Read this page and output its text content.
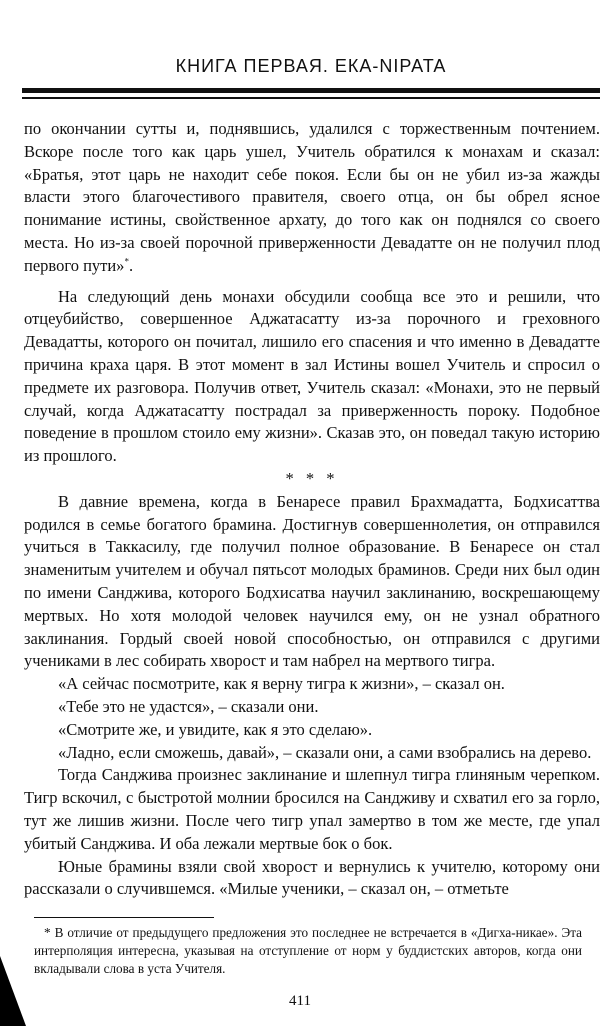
КНИГА ПЕРВАЯ. ЕКА-NIPATA

по окончании сутты и, поднявшись, удалился с торжественным почтением. Вскоре после того как царь ушел, Учитель обратился к монахам и сказал: «Братья, этот царь не находит себе покоя. Если бы он не убил из-за жажды власти этого благочестивого правителя, своего отца, он бы обрел ясное понимание истины, свойственное архату, до того как он поднялся со своего места. Но из-за своей порочной приверженности Девадатте он не получил плод первого пути»*.

На следующий день монахи обсудили сообща все это и решили, что отцеубийство, совершенное Аджатасатту из-за порочного и греховного Девадатты, которого он почитал, лишило его спасения и что именно в Девадатте причина краха царя. В этот момент в зал Истины вошел Учитель и спросил о предмете их разговора. Получив ответ, Учитель сказал: «Монахи, это не первый случай, когда Аджатасатту пострадал за приверженность пороку. Подобное поведение в прошлом стоило ему жизни». Сказав это, он поведал такую историю из прошлого.

* * *

В давние времена, когда в Бенаресе правил Брахмадатта, Бодхисаттва родился в семье богатого брамина. Достигнув совершеннолетия, он отправился учиться в Таккасилу, где получил полное образование. В Бенаресе он стал знаменитым учителем и обучал пятьсот молодых браминов. Среди них был один по имени Санджива, которого Бодхисатва научил заклинанию, воскрешающему мертвых. Но хотя молодой человек научился ему, он не узнал обратного заклинания. Гордый своей новой способностью, он отправился с другими учениками в лес собирать хворост и там набрел на мертвого тигра.

«А сейчас посмотрите, как я верну тигра к жизни», – сказал он.

«Тебе это не удастся», – сказали они.

«Смотрите же, и увидите, как я это сделаю».

«Ладно, если сможешь, давай», – сказали они, а сами взобрались на дерево.

Тогда Санджива произнес заклинание и шлепнул тигра глиняным черепком. Тигр вскочил, с быстротой молнии бросился на Сандживу и схватил его за горло, тут же лишив жизни. После чего тигр упал замертво в том же месте, где упал убитый Санджива. И оба лежали мертвые бок о бок.

Юные брамины взяли свой хворост и вернулись к учителю, которому они рассказали о случившемся. «Милые ученики, – сказал он, – отметьте

* В отличие от предыдущего предложения это последнее не встречается в «Дигха-никае». Эта интерполяция интересна, указывая на отступление от норм у буддистских авторов, когда они вкладывали слова в уста Учителя.

411
